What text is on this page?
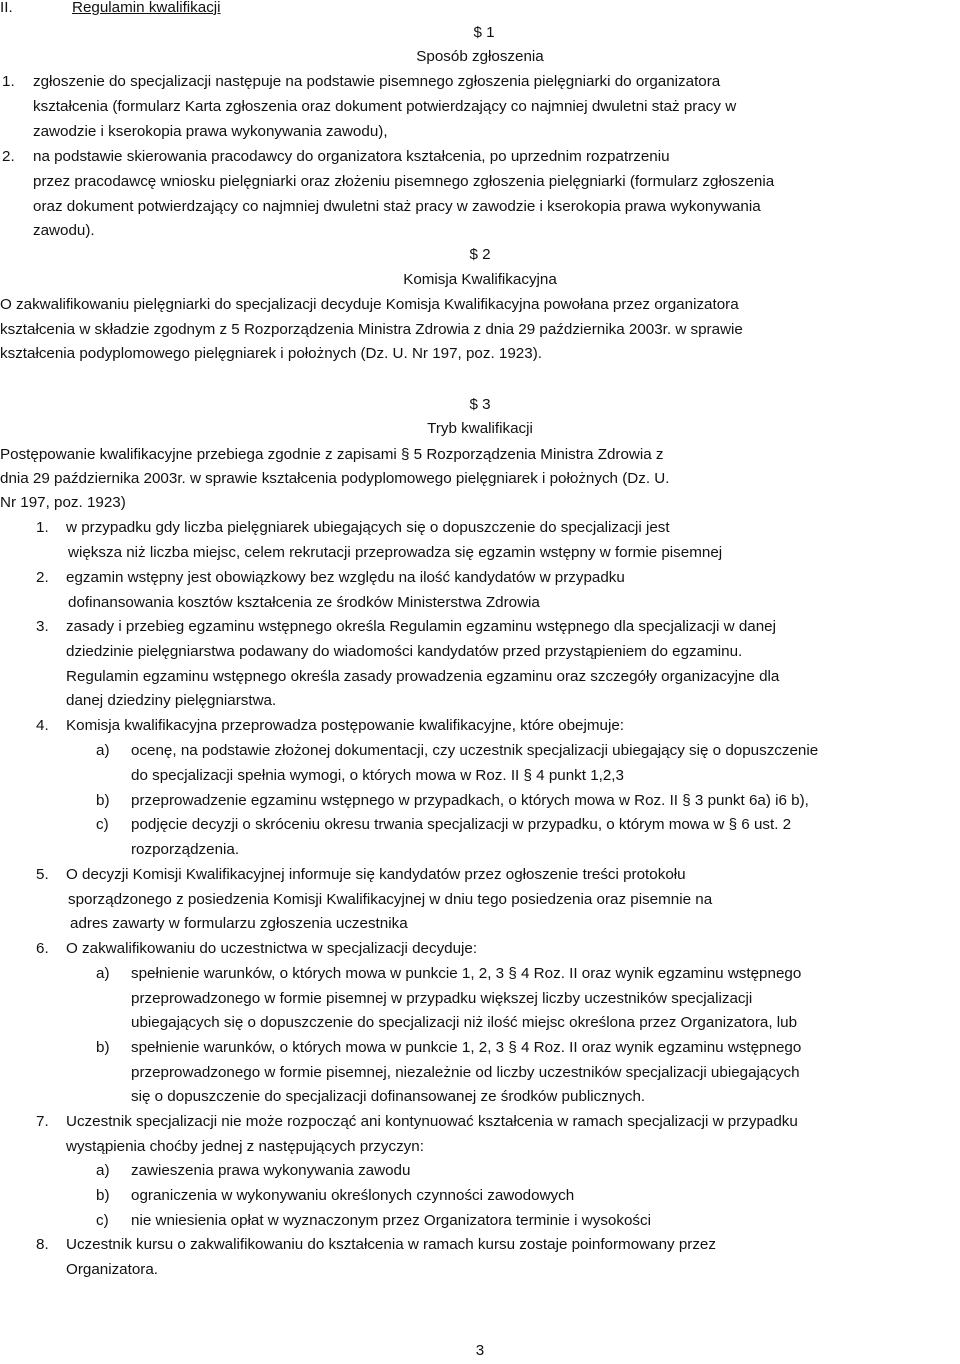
II.	Regulamin kwalifikacji
$ 1
Sposób zgłoszenia
1. zgłoszenie do specjalizacji następuje na podstawie pisemnego zgłoszenia pielęgniarki do organizatora
kształcenia (formularz Karta zgłoszenia oraz dokument potwierdzający co najmniej dwuletni staż pracy w
zawodzie i kserokopia prawa wykonywania zawodu),
2. na podstawie skierowania pracodawcy do organizatora kształcenia, po uprzednim rozpatrzeniu
przez pracodawcę wniosku pielęgniarki oraz złożeniu pisemnego zgłoszenia pielęgniarki (formularz zgłoszenia
oraz dokument potwierdzający co najmniej dwuletni staż pracy w zawodzie i kserokopia prawa wykonywania
zawodu).
$ 2
Komisja Kwalifikacyjna
O zakwalifikowaniu pielęgniarki do specjalizacji decyduje Komisja Kwalifikacyjna powołana przez organizatora
kształcenia w składzie zgodnym z 5 Rozporządzenia Ministra Zdrowia z dnia 29 października 2003r. w sprawie
kształcenia podyplomowego pielęgniarek i położnych (Dz. U. Nr 197, poz. 1923).
$ 3
Tryb kwalifikacji
Postępowanie kwalifikacyjne przebiega zgodnie z zapisami § 5 Rozporządzenia Ministra Zdrowia z
dnia 29 października 2003r. w sprawie kształcenia podyplomowego pielęgniarek i położnych (Dz. U.
Nr 197, poz. 1923)
1. w przypadku gdy liczba pielęgniarek ubiegających się o dopuszczenie do specjalizacji jest
większa niż liczba miejsc, celem rekrutacji przeprowadza się egzamin wstępny w formie pisemnej
2. egzamin wstępny jest obowiązkowy bez względu na ilość kandydatów w przypadku
dofinansowania kosztów kształcenia ze środków Ministerstwa Zdrowia
3. zasady i przebieg egzaminu wstępnego określa Regulamin egzaminu wstępnego dla specjalizacji w danej
dziedzinie pielęgniarstwa podawany do wiadomości kandydatów przed przystąpieniem do egzaminu.
Regulamin egzaminu wstępnego określa zasady prowadzenia egzaminu oraz szczegóły organizacyjne dla
danej dziedziny pielęgniarstwa.
4. Komisja kwalifikacyjna przeprowadza postępowanie kwalifikacyjne, które obejmuje:
a) ocenę, na podstawie złożonej dokumentacji, czy uczestnik specjalizacji ubiegający się o dopuszczenie
do specjalizacji spełnia wymogi, o których mowa w Roz. II § 4 punkt 1,2,3
b) przeprowadzenie egzaminu wstępnego w przypadkach, o których mowa w Roz. II § 3 punkt 6a) i6 b),
c) podjęcie decyzji o skróceniu okresu trwania specjalizacji w przypadku, o którym mowa w § 6 ust. 2
rozporządzenia.
5. O decyzji Komisji Kwalifikacyjnej informuje się kandydatów przez ogłoszenie treści protokołu
sporządzonego z posiedzenia Komisji Kwalifikacyjnej w dniu tego posiedzenia oraz pisemnie na
adres zawarty w formularzu zgłoszenia uczestnika
6. O zakwalifikowaniu do uczestnictwa w specjalizacji decyduje:
a) spełnienie warunków, o których mowa w punkcie 1, 2, 3 § 4 Roz. II oraz wynik egzaminu wstępnego
przeprowadzonego w formie pisemnej w przypadku większej liczby uczestników specjalizacji
ubiegających się o dopuszczenie do specjalizacji niż ilość miejsc określona przez Organizatora, lub
b) spełnienie warunków, o których mowa w punkcie 1, 2, 3 § 4 Roz. II oraz wynik egzaminu wstępnego
przeprowadzonego w formie pisemnej, niezależnie od liczby uczestników specjalizacji ubiegających
się o dopuszczenie do specjalizacji dofinansowanej ze środków publicznych.
7. Uczestnik specjalizacji nie może rozpocząć ani kontynuować kształcenia w ramach specjalizacji w przypadku
wystąpienia choćby jednej z następujących przyczyn:
a) zawieszenia prawa wykonywania zawodu
b) ograniczenia w wykonywaniu określonych czynności zawodowych
c) nie wniesienia opłat w wyznaczonym przez Organizatora terminie i wysokości
8. Uczestnik kursu o zakwalifikowaniu do kształcenia w ramach kursu zostaje poinformowany przez
Organizatora.
3
